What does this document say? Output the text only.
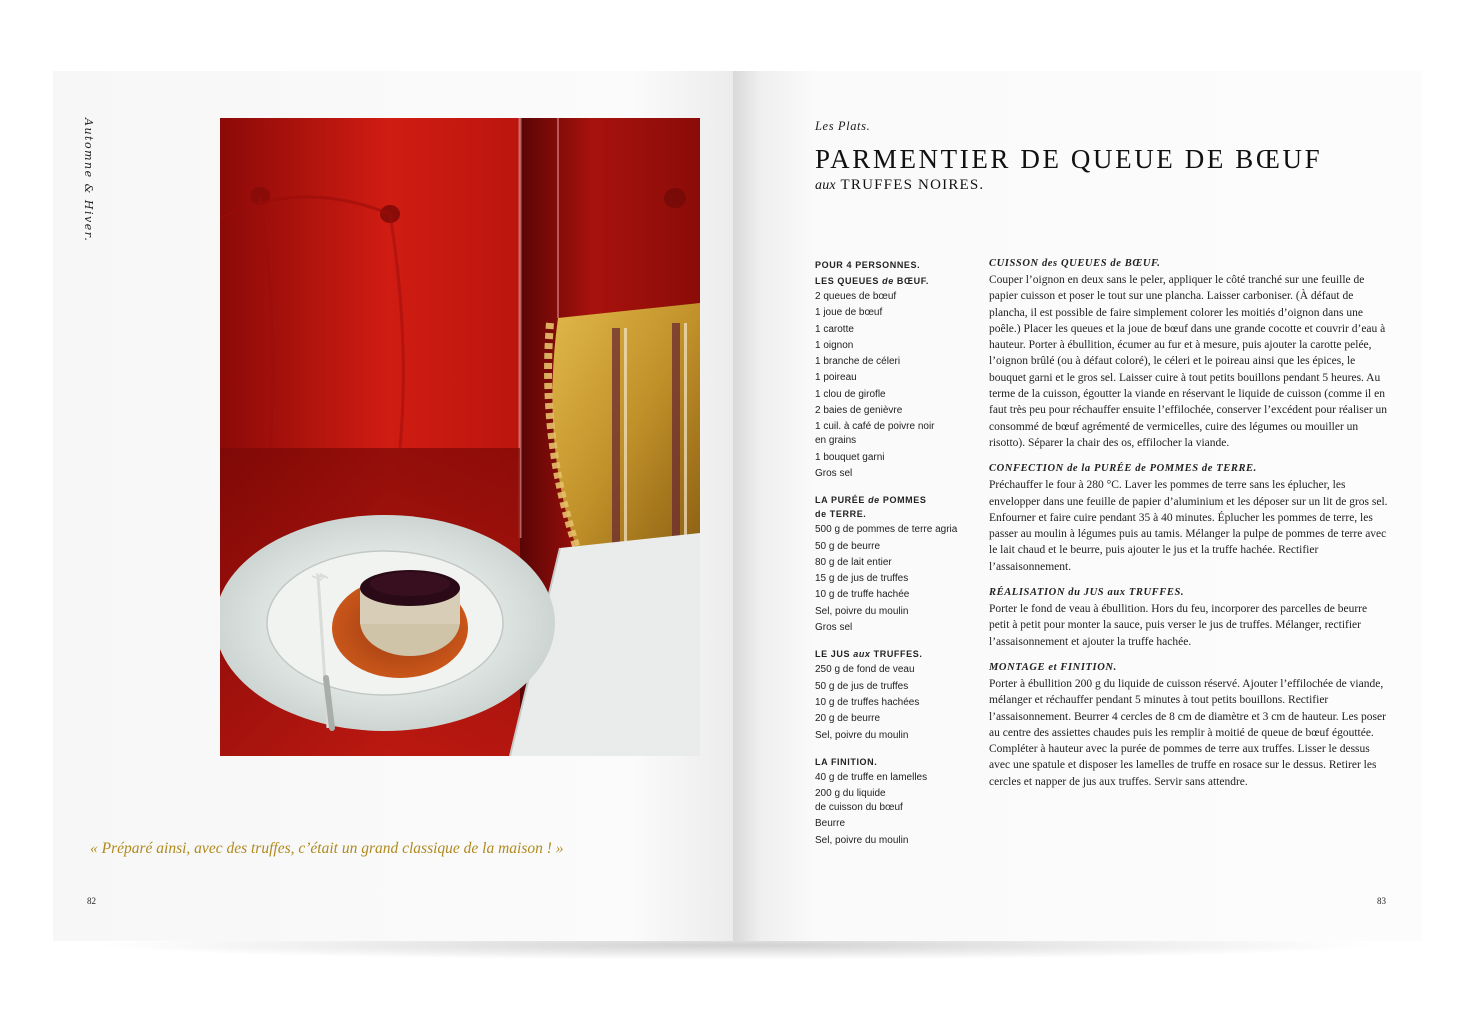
Automne & Hiver.
« Préparé ainsi, avec des truffes, c’était un grand classique de la maison ! »
82
Les Plats.
PARMENTIER DE QUEUE DE BŒUF
aux TRUFFES NOIRES.
POUR 4 PERSONNES.
LES QUEUES de BŒUF.
2 queues de bœuf
1 joue de bœuf
1 carotte
1 oignon
1 branche de céleri
1 poireau
1 clou de girofle
2 baies de genièvre
1 cuil. à café de poivre noir
en grains
1 bouquet garni
Gros sel
LA PURÉE de POMMES
de TERRE.
500 g de pommes de terre agria
50 g de beurre
80 g de lait entier
15 g de jus de truffes
10 g de truffe hachée
Sel, poivre du moulin
Gros sel
LE JUS aux TRUFFES.
250 g de fond de veau
50 g de jus de truffes
10 g de truffes hachées
20 g de beurre
Sel, poivre du moulin
LA FINITION.
40 g de truffe en lamelles
200 g du liquide
de cuisson du bœuf
Beurre
Sel, poivre du moulin
CUISSON des QUEUES de BŒUF.

Couper l’oignon en deux sans le peler, appliquer le côté tranché sur une feuille de papier cuisson et poser le tout sur une plancha. Laisser carboniser. (À défaut de plancha, il est possible de faire simplement colorer les moitiés d’oignon dans une poêle.) Placer les queues et la joue de bœuf dans une grande cocotte et couvrir d’eau à hauteur. Porter à ébullition, écumer au fur et à mesure, puis ajouter la carotte pelée, l’oignon brûlé (ou à défaut coloré), le céleri et le poireau ainsi que les épices, le bouquet garni et le gros sel. Laisser cuire à tout petits bouillons pendant 5 heures. Au terme de la cuisson, égoutter la viande en réservant le liquide de cuisson (comme il en faut très peu pour réchauffer ensuite l’effilochée, conserver l’excédent pour réaliser un consommé de bœuf agrémenté de vermicelles, cuire des légumes ou mouiller un risotto). Séparer la chair des os, effilocher la viande.

CONFECTION de la PURÉE de POMMES de TERRE.

Préchauffer le four à 280 °C. Laver les pommes de terre sans les éplucher, les envelopper dans une feuille de papier d’aluminium et les déposer sur un lit de gros sel. Enfourner et faire cuire pendant 35 à 40 minutes. Éplucher les pommes de terre, les passer au moulin à légumes puis au tamis. Mélanger la pulpe de pommes de terre avec le lait chaud et le beurre, puis ajouter le jus et la truffe hachée. Rectifier l’assaisonnement.

RÉALISATION du JUS aux TRUFFES.

Porter le fond de veau à ébullition. Hors du feu, incorporer des parcelles de beurre petit à petit pour monter la sauce, puis verser le jus de truffes. Mélanger, rectifier l’assaisonnement et ajouter la truffe hachée.

MONTAGE et FINITION.

Porter à ébullition 200 g du liquide de cuisson réservé. Ajouter l’effilochée de viande, mélanger et réchauffer pendant 5 minutes à tout petits bouillons. Rectifier l’assaisonnement. Beurrer 4 cercles de 8 cm de diamètre et 3 cm de hauteur. Les poser au centre des assiettes chaudes puis les remplir à moitié de queue de bœuf égouttée. Compléter à hauteur avec la purée de pommes de terre aux truffes. Lisser le dessus avec une spatule et disposer les lamelles de truffe en rosace sur le dessus. Retirer les cercles et napper de jus aux truffes. Servir sans attendre.

83
